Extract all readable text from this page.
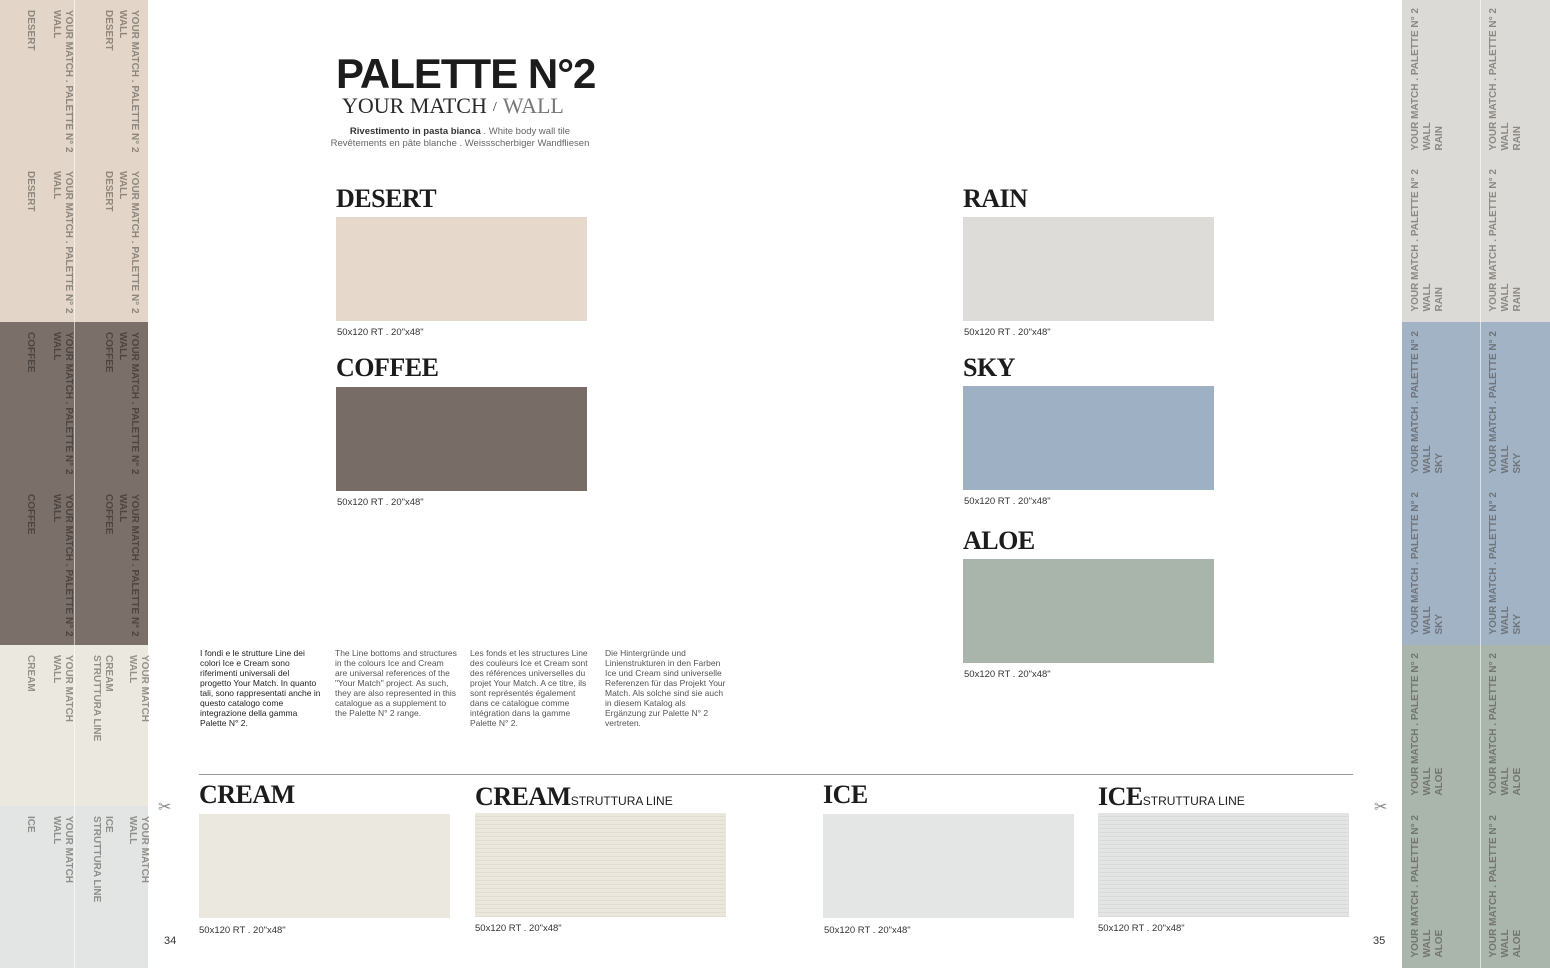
DESERT	YOUR MATCH . PALETTE N° 2
WALL	DESERT	YOUR MATCH . PALETTE N° 2
WALL
DESERT	YOUR MATCH . PALETTE N° 2
WALL	DESERT	YOUR MATCH . PALETTE N° 2
WALL
COFFEE	YOUR MATCH . PALETTE N° 2
WALL	COFFEE	YOUR MATCH . PALETTE N° 2
WALL
COFFEE	YOUR MATCH . PALETTE N° 2
WALL	COFFEE	YOUR MATCH . PALETTE N° 2
WALL
CREAM	YOUR MATCH
WALL	CREAM
STRUTTURA LINE
YOUR MATCH
WALL
ICE	YOUR MATCH
WALL	ICE
STRUTTURA LINE
YOUR MATCH
WALL
YOUR MATCH . PALETTE N° 2
WALL
RAIN	YOUR MATCH . PALETTE N° 2
WALL
RAIN
YOUR MATCH . PALETTE N° 2
WALL
RAIN	YOUR MATCH . PALETTE N° 2
WALL
RAIN
YOUR MATCH . PALETTE N° 2
WALL
SKY	YOUR MATCH . PALETTE N° 2
WALL
SKY
YOUR MATCH . PALETTE N° 2
WALL
SKY	YOUR MATCH . PALETTE N° 2
WALL
SKY
YOUR MATCH . PALETTE N° 2
WALL
ALOE	YOUR MATCH . PALETTE N° 2
WALL
ALOE
YOUR MATCH . PALETTE N° 2
WALL
ALOE	YOUR MATCH . PALETTE N° 2
WALL
ALOE
PALETTE N°2
YOUR MATCH / WALL
Rivestimento in pasta bianca . White body wall tile
Revêtements en pâte blanche . Weissscherbiger Wandfliesen
DESERT
50x120 RT . 20"x48"
COFFEE
50x120 RT . 20"x48"
RAIN
50x120 RT . 20"x48"
SKY
50x120 RT . 20"x48"
ALOE
50x120 RT . 20"x48"
I fondi e le strutture Line dei colori Ice e Cream sono riferimenti universali del progetto Your Match. In quanto tali, sono rappresentati anche in questo catalogo come integrazione della gamma Palette N° 2.
The Line bottoms and structures in the colours Ice and Cream are universal references of the "Your Match" project. As such, they are also represented in this catalogue as a supplement to the Palette N° 2 range.
Les fonds et les structures Line des couleurs Ice et Cream sont des références universelles du projet Your Match. A ce titre, ils sont représentés également dans ce catalogue comme intégration dans la gamme Palette N° 2.
Die Hintergründe und Linienstrukturen in den Farben Ice und Cream sind universelle Referenzen für das Projekt Your Match. Als solche sind sie auch in diesem Katalog als Ergänzung zur Palette N° 2 vertreten.
CREAM
50x120 RT . 20"x48"
CREAMSTRUTTURA LINE
50x120 RT . 20"x48"
ICE
50x120 RT . 20"x48"
ICESTRUTTURA LINE
50x120 RT . 20"x48"
✂	✂
34	35
